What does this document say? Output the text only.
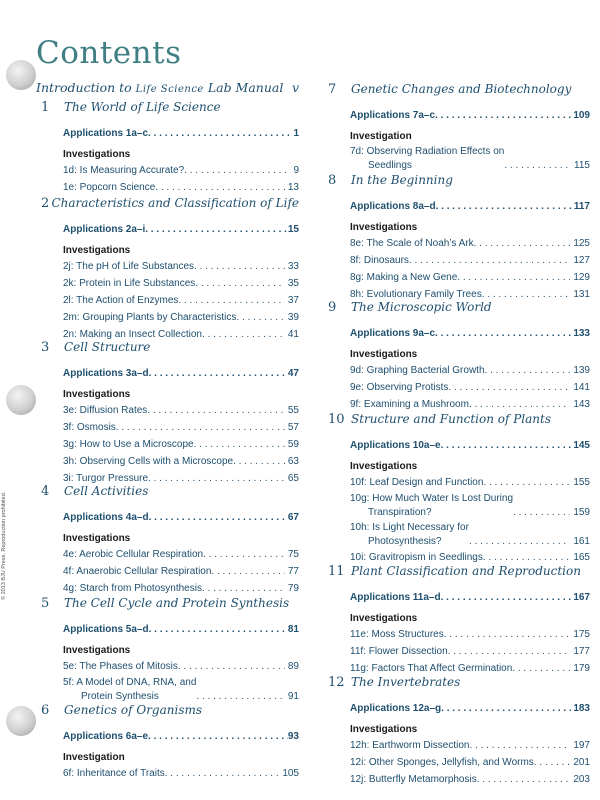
© 2013 BJU Press. Reproduction prohibited.
Contents
Introduction to Life Science Lab Manual v
1	The World of Life Science
Applications 1a–c . . .	1
Investigations
1d: Is Measuring Accurate? . . .	9
1e: Popcorn Science . . .	13
2 Characteristics and Classification of Life
Applications 2a–i . . .	15
Investigations
2j: The pH of Life Substances . . .	33
2k: Protein in Life Substances . . .	35
2l: The Action of Enzymes . . .	37
2m: Grouping Plants by Characteristics . . .	39
2n: Making an Insect Collection . . .	41
3	Cell Structure
Applications 3a–d . . .	47
Investigations
3e: Diffusion Rates . . .	55
3f: Osmosis . . .	57
3g: How to Use a Microscope . . .	59
3h: Observing Cells with a Microscope . . .	63
3i: Turgor Pressure . . .	65
4	Cell Activities
Applications 4a–d . . .	67
Investigations
4e: Aerobic Cellular Respiration . . .	75
4f: Anaerobic Cellular Respiration . . .	77
4g: Starch from Photosynthesis . . .	79
5	The Cell Cycle and Protein Synthesis
Applications 5a–d . . .	81
Investigations
5e: The Phases of Mitosis . . .	89
5f: A Model of DNA, RNA, and
Protein Synthesis . . .	91
6	Genetics of Organisms
Applications 6a–e . . .	93
Investigation
6f: Inheritance of Traits . . .	105
7	Genetic Changes and Biotechnology
Applications 7a–c . . .	109
Investigation
7d: Observing Radiation Effects on
Seedlings . . .	115
8	In the Beginning
Applications 8a–d . . .	117
Investigations
8e: The Scale of Noah’s Ark . . .	125
8f: Dinosaurs . . .	127
8g: Making a New Gene . . .	129
8h: Evolutionary Family Trees . . .	131
9	The Microscopic World
Applications 9a–c . . .	133
Investigations
9d: Graphing Bacterial Growth . . .	139
9e: Observing Protists . . .	141
9f: Examining a Mushroom . . .	143
10 Structure and Function of Plants
Applications 10a–e . . .	145
Investigations
10f: Leaf Design and Function . . .	155
10g: How Much Water Is Lost During
Transpiration? . . .	159
10h: Is Light Necessary for
Photosynthesis? . . .	161
10i: Gravitropism in Seedlings . . .	165
11 Plant Classification and Reproduction
Applications 11a–d . . .	167
Investigations
11e: Moss Structures . . .	175
11f: Flower Dissection . . .	177
11g: Factors That Affect Germination . . .	179
12 The Invertebrates
Applications 12a–g . . .	183
Investigations
12h: Earthworm Dissection . . .	197
12i: Other Sponges, Jellyfish, and Worms . . .	201
12j: Butterfly Metamorphosis . . .	203
